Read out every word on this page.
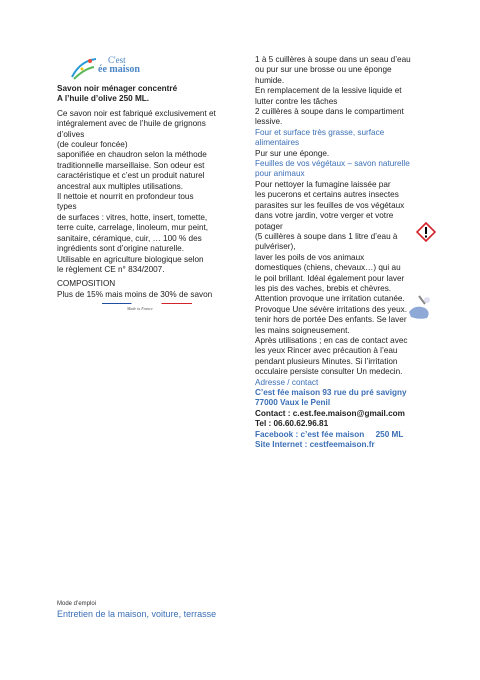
C'est
ée maison
Savon noir ménager concentré
A l’huile d’olive 250 ML.
Ce savon noir est fabriqué exclusivement et
intégralement avec de l’huile de grignons
d’olives
(de couleur foncée)
saponifiée en chaudron selon la méthode
traditionnelle marseillaise. Son odeur est
caractéristique et c’est un produit naturel
ancestral aux multiples utilisations.
Il nettoie et nourrit en profondeur tous
types
de surfaces : vitres, hotte, insert, tomette,
terre cuite, carrelage, linoleum, mur peint,
sanitaire, céramique, cuir, … 100 % des
ingrédients sont d’origine naturelle.
Utilisable en agriculture biologique selon
le règlement CE n° 834/2007.
COMPOSITION
Plus de 15% mais moins de 30% de savon
Made in France
1 à 5 cuillères à soupe dans un seau d’eau
ou pur sur une brosse ou une éponge
humide.
En remplacement de la lessive liquide et
lutter contre les tâches
2 cuillères à soupe dans le compartiment
lessive.
Four et surface très grasse, surface
alimentaires
Pur sur une éponge.
Feuilles de vos végétaux – savon naturelle
pour animaux
Pour nettoyer la fumagine laissée par
les pucerons et certains autres insectes
parasites sur les feuilles de vos végétaux
dans votre jardin, votre verger et votre
potager
(5 cuillères à soupe dans 1 litre d’eau à
pulvériser),
laver les poils de vos animaux
domestiques (chiens, chevaux…) qui au
le poil brillant. Idéal également pour laver
les pis des vaches, brebis et chèvres.
Attention provoque une irritation cutanée.
Provoque Une sévère irritations des yeux.
tenir hors de portée Des enfants. Se laver
les mains soigneusement.
Après utilisations ; en cas de contact avec
les yeux Rincer avec précaution à l’eau
pendant plusieurs Minutes. Si l’irritation
occulaire persiste consulter Un medecin.
Adresse / contact
C’est fée maison 93 rue du pré savigny
77000 Vaux le Penil
Contact : c.est.fee.maison@gmail.com
Tel : 06.60.62.96.81
Facebook : c’est fée maison 250 ML
Site Internet : cestfeemaison.fr
Mode d’emploi
Entretien de la maison, voiture, terrasse
